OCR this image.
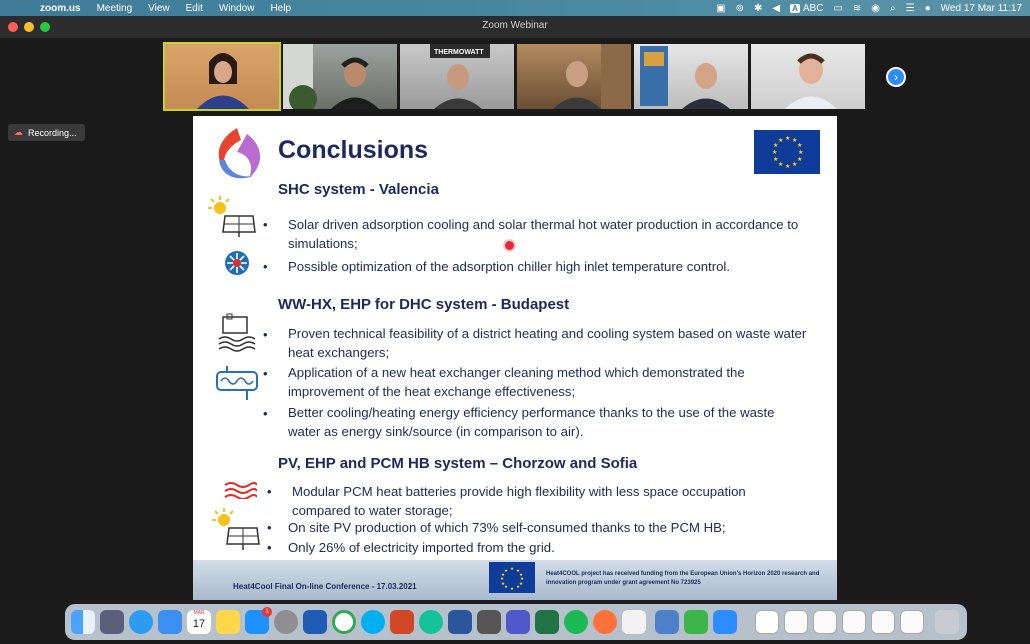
zoom.us Meeting View Edit Window Help	▣ ⊚ ✱ ◀ A ABC ▭ ≋ ◉ ⌕ ☰ ● Wed 17 Mar 11:17
Zoom Webinar
THERMOWATT
›
☁ Recording...
Conclusions	★ ★
★
★
★
★
★
★
★
★
★
★
SHC system - Valencia
• Solar driven adsorption cooling and solar thermal hot water production in accordance to simulations;
• Possible optimization of the adsorption chiller high inlet temperature control.
WW-HX, EHP for DHC system - Budapest
• Proven technical feasibility of a district heating and cooling system based on waste water heat exchangers;
• Application of a new heat exchanger cleaning method which demonstrated the improvement of the heat exchange effectiveness;
• Better cooling/heating energy efficiency performance thanks to the use of the waste water as energy sink/source (in comparison to air).
PV, EHP and PCM HB system – Chorzow and Sofia
• Modular PCM heat batteries provide high flexibility with less space occupation compared to water storage;
• On site PV production of which 73% self-consumed thanks to the PCM HB;
• Only 26% of electricity imported from the grid.
Heat4Cool Final On-line Conference - 17.03.2021
★ ★
★
★
★
★
★
★
★
★
★
★	Heat4COOL project has received funding from the European Union's Horizon 2020 research and innovation program under grant agreement No 723925
MAR
17
1
